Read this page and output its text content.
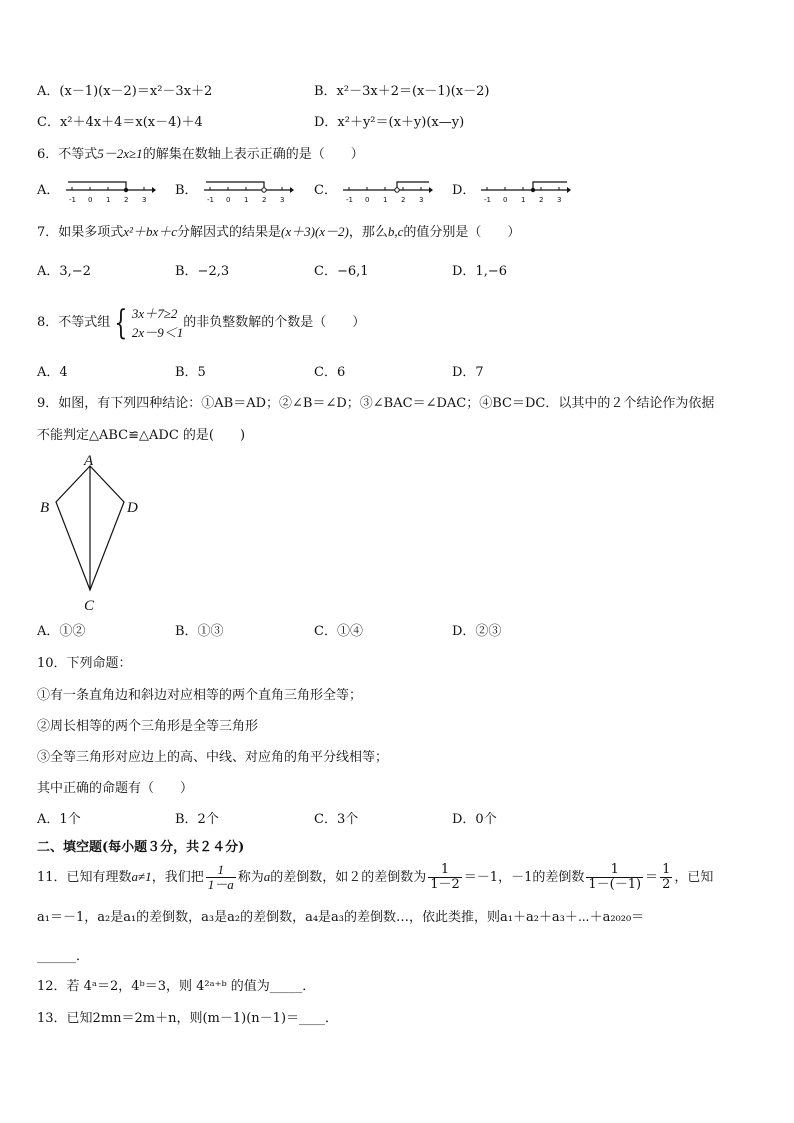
A．(x－1)(x－2)＝x²－3x＋2	B．x²－3x＋2＝(x－1)(x－2)
C．x²＋4x＋4＝x(x－4)＋4	D．x²＋y²＝(x＋y)(x—y)
6．不等式5－2x≥1的解集在数轴上表示正确的是（　　）
A．	B．	C．	D．
-1 0 1 2 3	-1 0 1 2 3	-1 0 1 2 3	-1 0 1 2 3
7．如果多项式x²＋bx＋c分解因式的结果是(x＋3)(x－2)，那么b,c的值分别是（　　）
A．3,−2	B．−2,3	C．−6,1	D．1,−6
8．不等式组 { 3x＋7≥2
2x－9＜1的非负整数解的个数是（　　）
A．4	B．5	C．6	D．7
9．如图，有下列四种结论：①AB＝AD；②∠B＝∠D；③∠BAC＝∠DAC；④BC＝DC．以其中的２个结论作为依据
不能判定△ABC≌△ADC 的是(　　)
A
B	D
C
A．①②	B．①③	C．①④	D．②③
10．下列命题：
①有一条直角边和斜边对应相等的两个直角三角形全等；
②周长相等的两个三角形是全等三角形
③全等三角形对应边上的高、中线、对应角的角平分线相等；
其中正确的命题有（　　）
A．1个	B．2个	C．3个	D．0个
二、填空题(每小题３分，共２４分)
11．已知有理数a≠1，我们把 $\frac{1}{1-a}$ 称为a的差倒数，如２的差倒数为 $\frac{1}{1-2} =-1$，－1的差倒数 $\frac{1}{1-(-1)} = \frac{1}{2}$ ，已知
a₁＝－1，a₂是a₁的差倒数，a₃是a₂的差倒数，a₄是a₃的差倒数…，依此类推，则a₁＋a₂＋a₃＋⋯＋a₂₀₂₀＝
______．
12．若 4ᵃ＝2，4ᵇ＝3，则 4²ᵃ⁺ᵇ 的值为_____．
13．已知2mn＝2m＋n，则(m－1)(n－1)＝____．
